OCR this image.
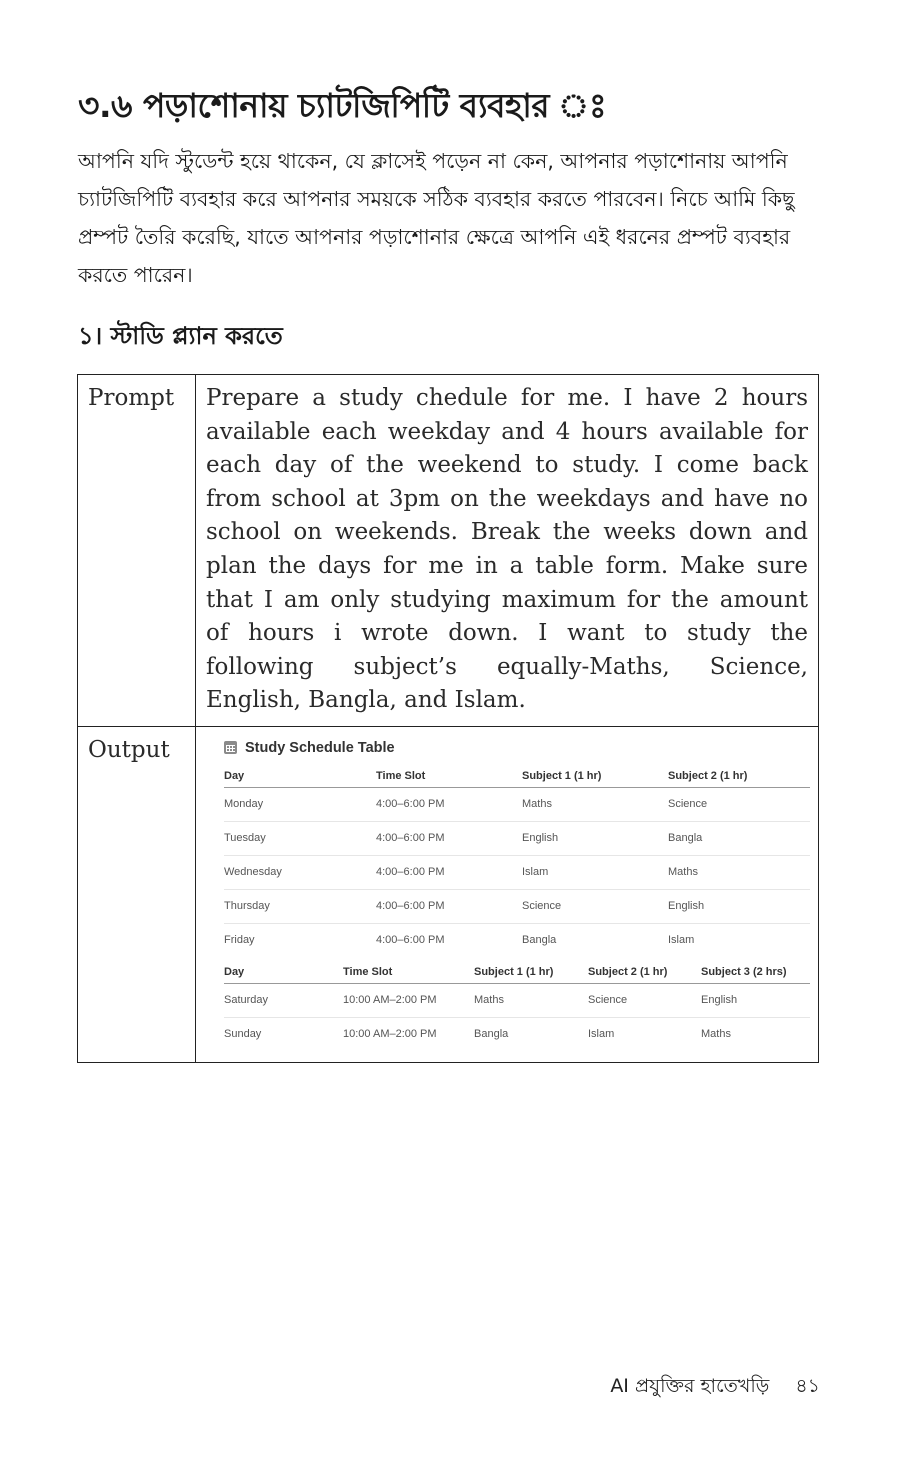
৩.৬ পড়াশোনায় চ্যাটজিপিটি ব্যবহার ঃ
আপনি যদি স্টুডেন্ট হয়ে থাকেন, যে ক্লাসেই পড়েন না কেন, আপনার পড়াশোনায় আপনি চ্যাটজিপিটি ব্যবহার করে আপনার সময়কে সঠিক ব্যবহার করতে পারবেন। নিচে আমি কিছু প্রম্পট তৈরি করেছি, যাতে আপনার পড়াশোনার ক্ষেত্রে আপনি এই ধরনের প্রম্পট ব্যবহার করতে পারেন।
১। স্টাডি প্ল্যান করতে
Prompt	Prepare a study chedule for me. I have 2 hours available each weekday and 4 hours available for each day of the weekend to study. I come back from school at 3pm on the weekdays and have no school on weekends. Break the weeks down and plan the days for me in a table form. Make sure that I am only studying maximum for the amount of hours i wrote down. I want to study the following subject’s equally-Maths, Science, English, Bangla, and Islam.
Output	Study Schedule Table
Day	Time Slot	Subject 1 (1 hr)	Subject 2 (1 hr)
Monday	4:00–6:00 PM	Maths	Science
Tuesday	4:00–6:00 PM	English	Bangla
Wednesday	4:00–6:00 PM	Islam	Maths
Thursday	4:00–6:00 PM	Science	English
Friday	4:00–6:00 PM	Bangla	Islam
Day	Time Slot	Subject 1 (1 hr)	Subject 2 (1 hr)	Subject 3 (2 hrs)
Saturday	10:00 AM–2:00 PM	Maths	Science	English
Sunday	10:00 AM–2:00 PM	Bangla	Islam	Maths
AI প্রযুক্তির হাতেখড়ি ৪১
